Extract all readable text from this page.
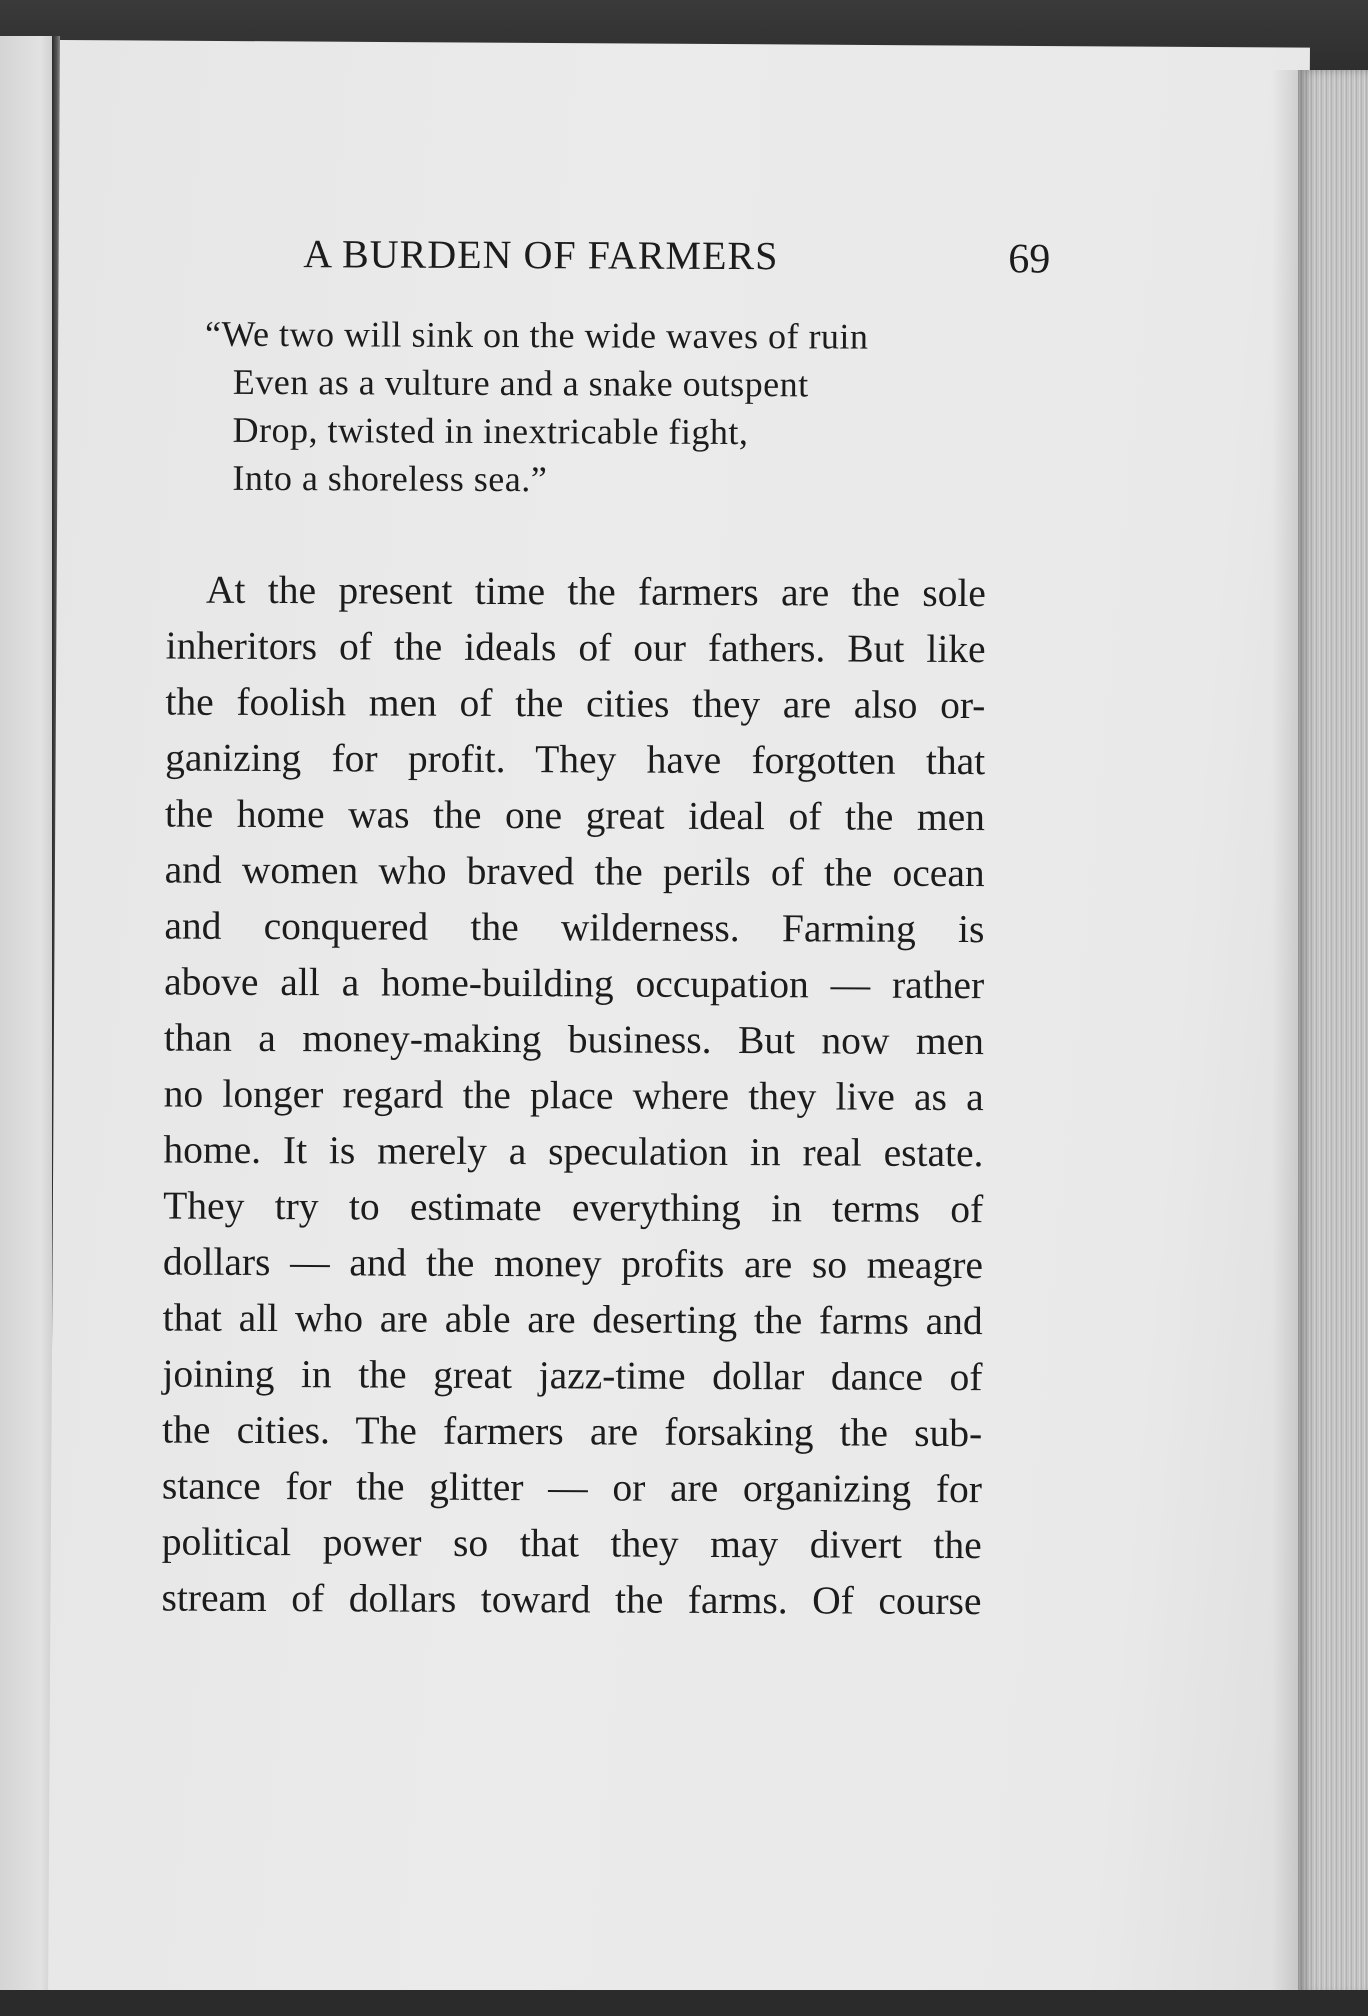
A BURDEN OF FARMERS	69
“We two will sink on the wide waves of ruin
Even as a vulture and a snake outspent
Drop, twisted in inextricable fight,
Into a shoreless sea.”
At the present time the farmers are the sole
inheritors of the ideals of our fathers. But like
the foolish men of the cities they are also or-
ganizing for profit. They have forgotten that
the home was the one great ideal of the men
and women who braved the perils of the ocean
and conquered the wilderness. Farming is
above all a home-building occupation — rather
than a money-making business. But now men
no longer regard the place where they live as a
home. It is merely a speculation in real estate.
They try to estimate everything in terms of
dollars — and the money profits are so meagre
that all who are able are deserting the farms and
joining in the great jazz-time dollar dance of
the cities. The farmers are forsaking the sub-
stance for the glitter — or are organizing for
political power so that they may divert the
stream of dollars toward the farms. Of course
